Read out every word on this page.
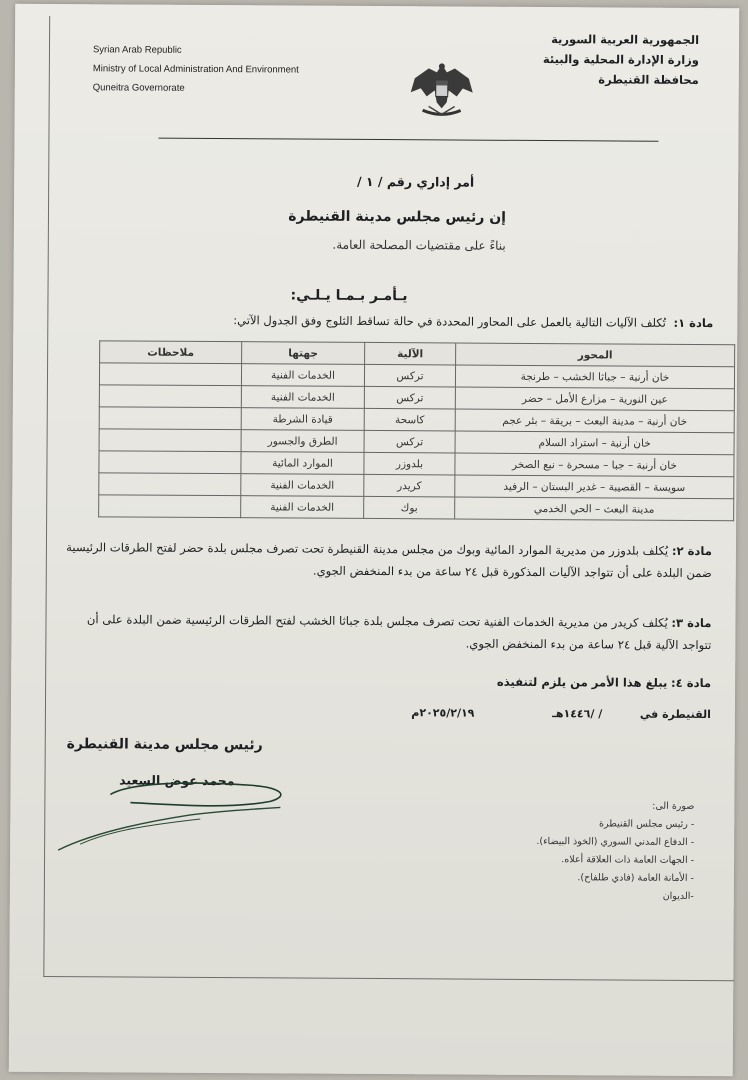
Syrian Arab Republic
Ministry of Local Administration And Environment
Quneitra Governorate
الجمهورية العربية السورية
وزارة الإدارة المحلية والبيئة
محافظة القنيطرة
أمر إداري رقم / ١ /
إن رئيس مجلس مدينة القنيطرة
بناءً على مقتضيات المصلحة العامة.
يـأمـر بـمـا يـلـي:
مادة ١: تُكلف الآليات التالية بالعمل على المحاور المحددة في حالة تساقط الثلوج وفق الجدول الآتي:
المحور	الآلية	جهتها	ملاحظات
خان أرنبة – جباثا الخشب – طرنجة	تركس	الخدمات الفنية	
عين النورية – مزارع الأمل – حضر	تركس	الخدمات الفنية	
خان أرنبة – مدينة البعث – بريقة – بئر عجم	كاسحة	قيادة الشرطة	
خان أرنبة – استراد السلام	تركس	الطرق والجسور	
خان أرنبة – جبا – مسحرة – نبع الصخر	بلدوزر	الموارد المائية	
سويسة – القصيبة – غدير البستان – الرفيد	كريدر	الخدمات الفنية	
مدينة البعث – الحي الخدمي	بوك	الخدمات الفنية	
مادة ٢: يُكلف بلدوزر من مديرية الموارد المائية وبوك من مجلس مدينة القنيطرة تحت تصرف مجلس بلدة حضر لفتح الطرقات الرئيسية ضمن البلدة على أن تتواجد الآليات المذكورة قبل ٢٤ ساعة من بدء المنخفض الجوي.
مادة ٣: يُكلف كريدر من مديرية الخدمات الفنية تحت تصرف مجلس بلدة جباثا الخشب لفتح الطرقات الرئيسية ضمن البلدة على أن تتواجد الآلية قبل ٢٤ ساعة من بدء المنخفض الجوي.
مادة ٤: يبلغ هذا الأمر من يلزم لتنفيذه
القنيطرة في  / /١٤٤٦هـ  ٢٠٢٥/٢/١٩م
رئيس مجلس مدينة القنيطرة
محمد عوض السعيد
صورة الى:
- رئيس مجلس القنيطرة
- الدفاع المدني السوري (الخوذ البيضاء).
- الجهات العامة ذات العلاقة أعلاه.
- الأمانة العامة (فادي طلفاح).
-الديوان
